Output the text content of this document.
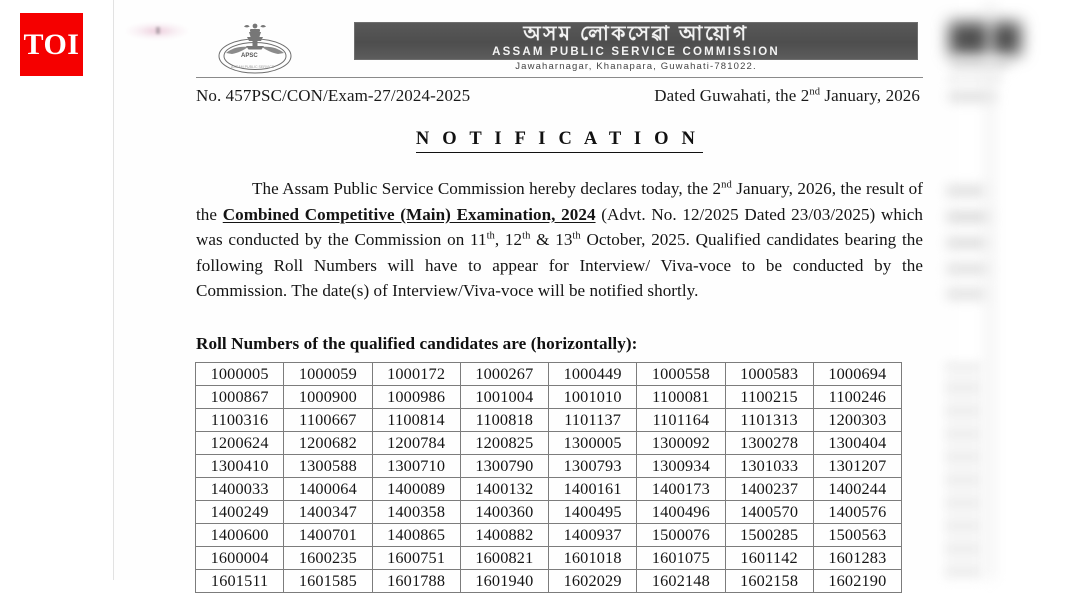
TOI	APSC
ASSAM PUBLIC SERVICE
অসম লোকসেৱা আয়োগ
ASSAM PUBLIC SERVICE COMMISSION
Jawaharnagar, Khanapara, Guwahati-781022.
No. 457PSC/CON/Exam-27/2024-2025	Dated Guwahati, the 2nd January, 2026
N O T I F I C A T I O N

The Assam Public Service Commission hereby declares today, the 2nd January, 2026, the result of the Combined Competitive (Main) Examination, 2024 (Advt. No. 12/2025 Dated 23/03/2025) which was conducted by the Commission on 11th, 12th & 13th October, 2025. Qualified candidates bearing the following Roll Numbers will have to appear for Interview/ Viva-voce to be conducted by the Commission. The date(s) of Interview/Viva-voce will be notified shortly.

Roll Numbers of the qualified candidates are (horizontally):
1000005	1000059	1000172	1000267	1000449	1000558	1000583	1000694
1000867	1000900	1000986	1001004	1001010	1100081	1100215	1100246
1100316	1100667	1100814	1100818	1101137	1101164	1101313	1200303
1200624	1200682	1200784	1200825	1300005	1300092	1300278	1300404
1300410	1300588	1300710	1300790	1300793	1300934	1301033	1301207
1400033	1400064	1400089	1400132	1400161	1400173	1400237	1400244
1400249	1400347	1400358	1400360	1400495	1400496	1400570	1400576
1400600	1400701	1400865	1400882	1400937	1500076	1500285	1500563
1600004	1600235	1600751	1600821	1601018	1601075	1601142	1601283
1601511	1601585	1601788	1601940	1602029	1602148	1602158	1602190
